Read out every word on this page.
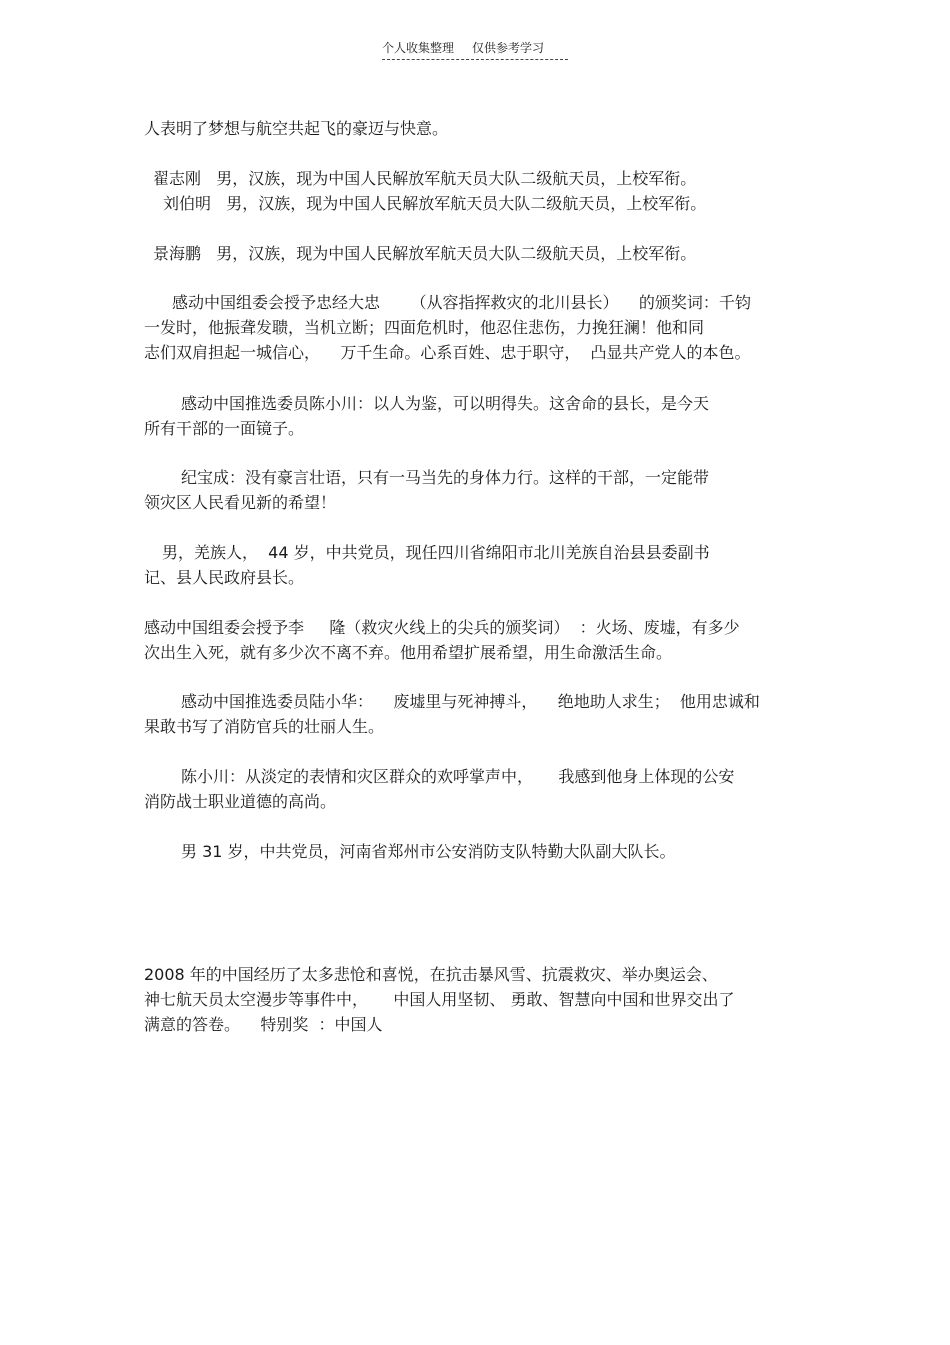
个人收集整理 仅供参考学习
人表明了梦想与航空共起飞的豪迈与快意。
翟志刚   男，汉族，现为中国人民解放军航天员大队二级航天员，上校军衔。
刘伯明   男，汉族，现为中国人民解放军航天员大队二级航天员，上校军衔。
景海鹏   男，汉族，现为中国人民解放军航天员大队二级航天员，上校军衔。
感动中国组委会授予忠经大忠      （从容指挥救灾的北川县长）    的颁奖词：千钧
一发时，他振聋发聩，当机立断；四面危机时，他忍住悲伤，力挽狂澜！他和同
志们双肩担起一城信心，    万千生命。心系百姓、忠于职守，  凸显共产党人的本色。
感动中国推选委员陈小川：以人为鉴，可以明得失。这舍命的县长，是今天
所有干部的一面镜子。
纪宝成：没有豪言壮语，只有一马当先的身体力行。这样的干部，一定能带
领灾区人民看见新的希望！
男，羌族人，  44 岁，中共党员，现任四川省绵阳市北川羌族自治县县委副书
记、县人民政府县长。
感动中国组委会授予李     隆（救灾火线上的尖兵的颁奖词）  ：火场、废墟，有多少
次出生入死，就有多少次不离不弃。他用希望扩展希望，用生命激活生命。
感动中国推选委员陆小华：    废墟里与死神搏斗，    绝地助人求生；  他用忠诚和
果敢书写了消防官兵的壮丽人生。
陈小川：从淡定的表情和灾区群众的欢呼掌声中，     我感到他身上体现的公安
消防战士职业道德的高尚。
男 31 岁，中共党员，河南省郑州市公安消防支队特勤大队副大队长。
2008 年的中国经历了太多悲怆和喜悦，在抗击暴风雪、抗震救灾、举办奥运会、
神七航天员太空漫步等事件中，     中国人用坚韧、 勇敢、智慧向中国和世界交出了
满意的答卷。    特别奖  ：中国人
